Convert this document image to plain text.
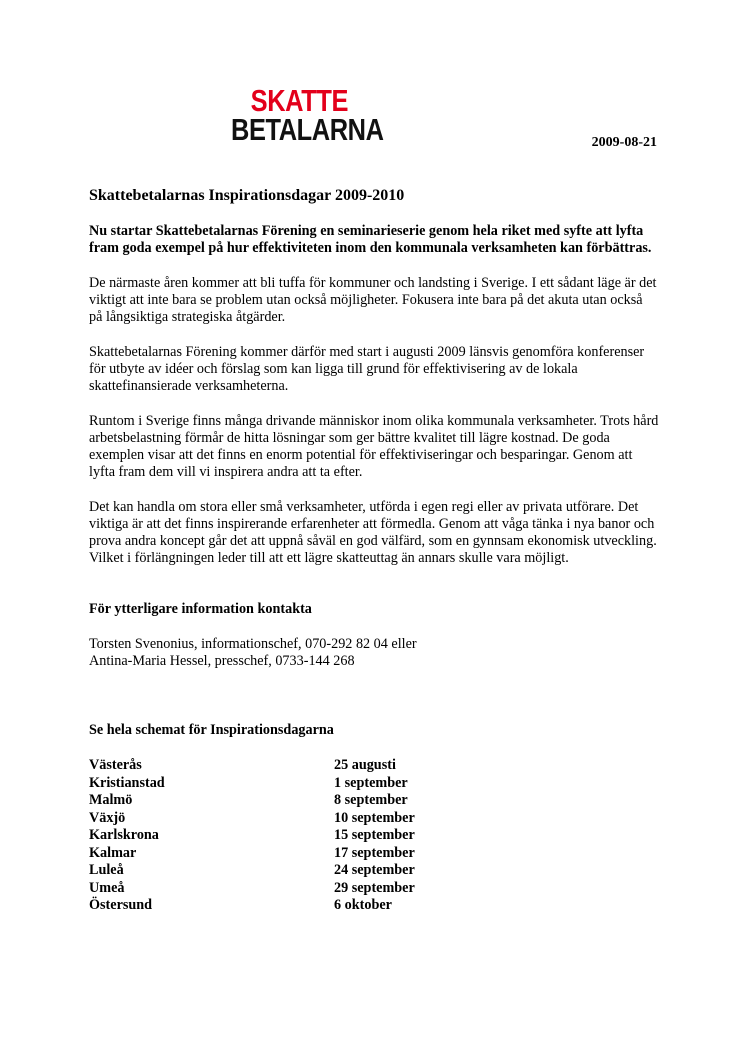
SKATTE
BETALARNA	2009-08-21
Skattebetalarnas Inspirationsdagar 2009-2010
Nu startar Skattebetalarnas Förening en seminarieserie genom hela riket med syfte att lyfta fram goda exempel på hur effektiviteten inom den kommunala verksamheten kan förbättras.

De närmaste åren kommer att bli tuffa för kommuner och landsting i Sverige. I ett sådant läge är det viktigt att inte bara se problem utan också möjligheter. Fokusera inte bara på det akuta utan också på långsiktiga strategiska åtgärder.

Skattebetalarnas Förening kommer därför med start i augusti 2009 länsvis genomföra konferenser för utbyte av idéer och förslag som kan ligga till grund för effektivisering av de lokala skattefinansierade verksamheterna.

Runtom i Sverige finns många drivande människor inom olika kommunala verksamheter. Trots hård arbetsbelastning förmår de hitta lösningar som ger bättre kvalitet till lägre kostnad. De goda exemplen visar att det finns en enorm potential för effektiviseringar och besparingar. Genom att lyfta fram dem vill vi inspirera andra att ta efter.

Det kan handla om stora eller små verksamheter, utförda i egen regi eller av privata utförare. Det viktiga är att det finns inspirerande erfarenheter att förmedla. Genom att våga tänka i nya banor och prova andra koncept går det att uppnå såväl en god välfärd, som en gynnsam ekonomisk utveckling. Vilket i förlängningen leder till att ett lägre skatteuttag än annars skulle vara möjligt.

För ytterligare information kontakta
Torsten Svenonius, informationschef, 070-292 82 04 eller
Antina-Maria Hessel, presschef, 0733-144 268
Se hela schemat för Inspirationsdagarna
Västerås	25 augusti
Kristianstad	1 september
Malmö	8 september
Växjö	10 september
Karlskrona	15 september
Kalmar	17 september
Luleå	24 september
Umeå	29 september
Östersund	6 oktober
